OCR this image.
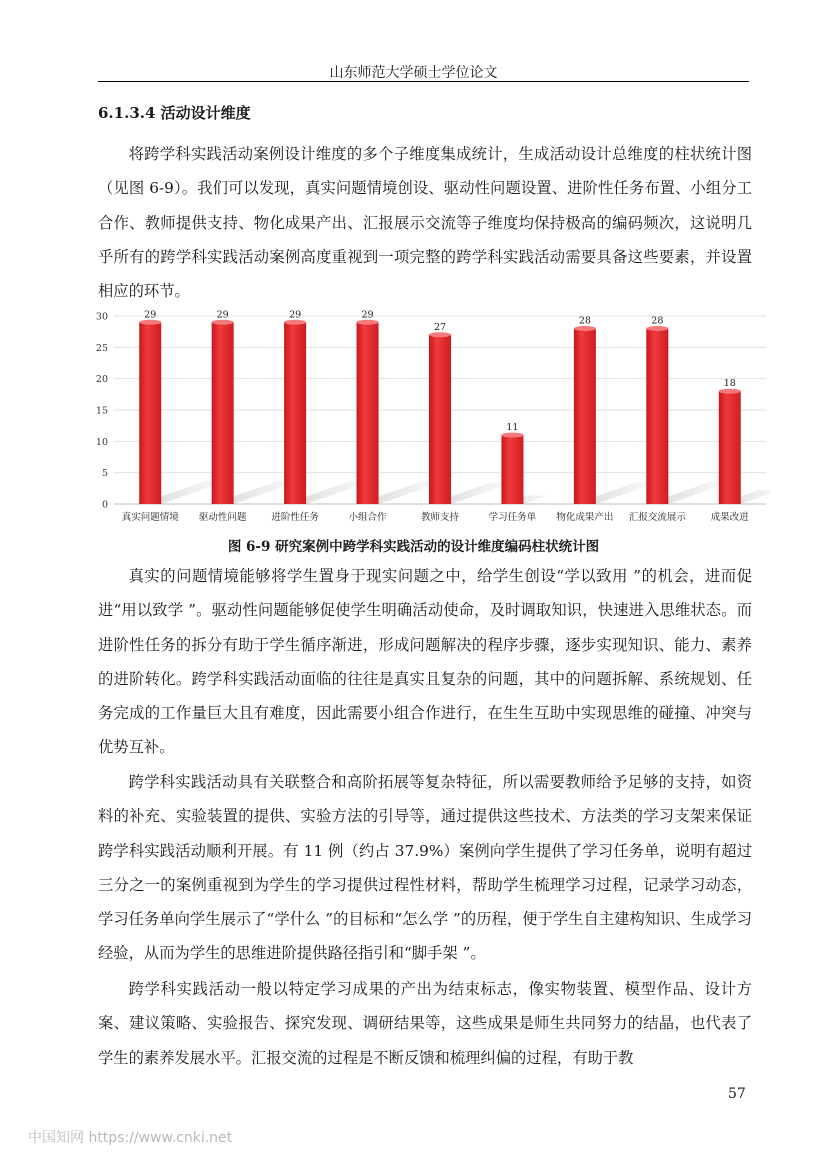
山东师范大学硕士学位论文
6.1.3.4 活动设计维度

将跨学科实践活动案例设计维度的多个子维度集成统计，生成活动设计总维度的柱状统计图（见图 6-9）。我们可以发现，真实问题情境创设、驱动性问题设置、进阶性任务布置、小组分工合作、教师提供支持、物化成果产出、汇报展示交流等子维度均保持极高的编码频次，这说明几乎所有的跨学科实践活动案例高度重视到一项完整的跨学科实践活动需要具备这些要素，并设置相应的环节。

29	29	29	29
27
11
28	28
18
0
5
10
15
20
25
30
真实问题情境 驱动性问题	进阶性任务	小组合作	教师支持	学习任务单 物化成果产出 汇报交流展示	成果改进
图 6-9 研究案例中跨学科实践活动的设计维度编码柱状统计图

真实的问题情境能够将学生置身于现实问题之中，给学生创设“学以致用 ”的机会，进而促进“用以致学 ”。驱动性问题能够促使学生明确活动使命，及时调取知识，快速进入思维状态。而进阶性任务的拆分有助于学生循序渐进，形成问题解决的程序步骤，逐步实现知识、能力、素养的进阶转化。跨学科实践活动面临的往往是真实且复杂的问题，其中的问题拆解、系统规划、任务完成的工作量巨大且有难度，因此需要小组合作进行，在生生互助中实现思维的碰撞、冲突与优势互补。

跨学科实践活动具有关联整合和高阶拓展等复杂特征，所以需要教师给予足够的支持，如资料的补充、实验装置的提供、实验方法的引导等，通过提供这些技术、方法类的学习支架来保证跨学科实践活动顺利开展。有 11 例（约占 37.9%）案例向学生提供了学习任务单，说明有超过三分之一的案例重视到为学生的学习提供过程性材料，帮助学生梳理学习过程，记录学习动态，学习任务单向学生展示了“学什么 ”的目标和“怎么学 ”的历程，便于学生自主建构知识、生成学习经验，从而为学生的思维进阶提供路径指引和“脚手架 ”。

跨学科实践活动一般以特定学习成果的产出为结束标志，像实物装置、模型作品、设计方案、建议策略、实验报告、探究发现、调研结果等，这些成果是师生共同努力的结晶，也代表了学生的素养发展水平。汇报交流的过程是不断反馈和梳理纠偏的过程，有助于教

57
中国知网 https://www.cnki.net
